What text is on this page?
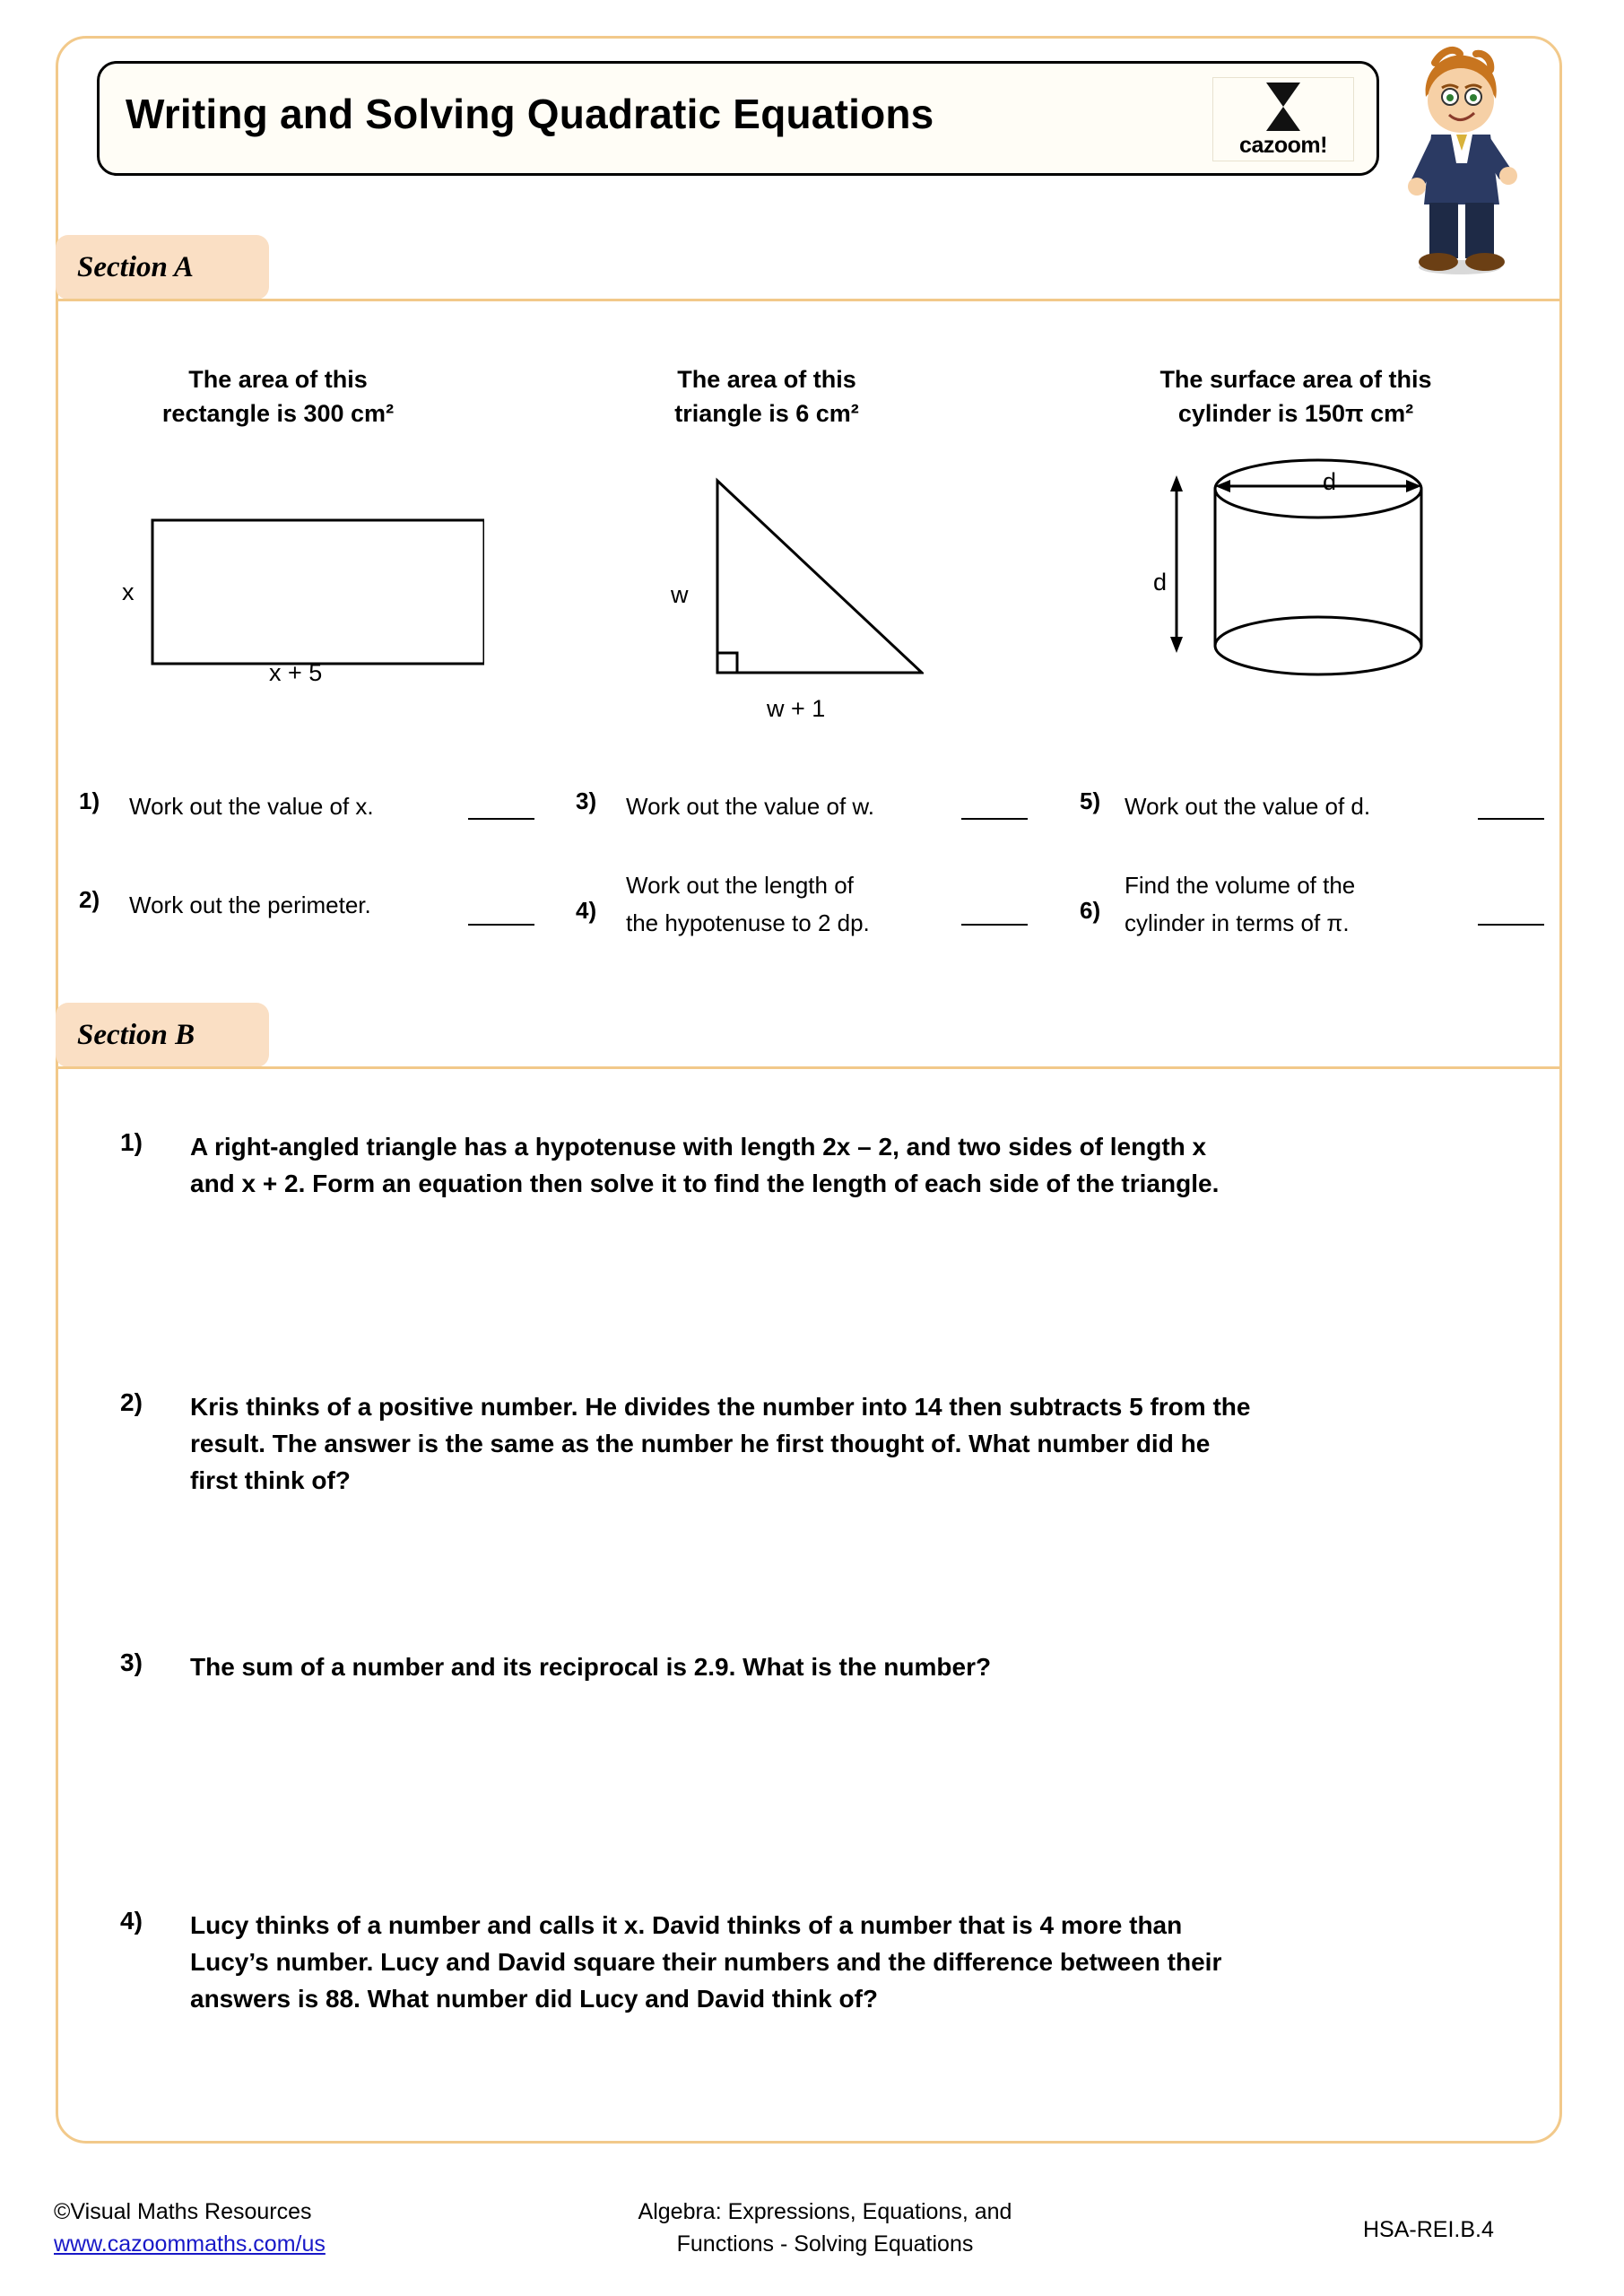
Writing and Solving Quadratic Equations
cazoom!
Section A
The area of this
rectangle is 300 cm²
The area of this
triangle is 6 cm²
The surface area of this
cylinder is 150π cm²
x
x + 5
w
w + 1
d
d
1) Work out the value of x.
2) Work out the perimeter.
3) Work out the value of w.
4)
Work out the length of
the hypotenuse to 2 dp.
5) Work out the value of d.
6)
Find the volume of the
cylinder in terms of π.
Section B
1) A right-angled triangle has a hypotenuse with length 2x – 2, and two sides of length x
and x + 2. Form an equation then solve it to find the length of each side of the triangle.
2) Kris thinks of a positive number. He divides the number into 14 then subtracts 5 from the
result. The answer is the same as the number he first thought of. What number did he
first think of?
3) The sum of a number and its reciprocal is 2.9. What is the number?
4) Lucy thinks of a number and calls it x. David thinks of a number that is 4 more than
Lucy’s number. Lucy and David square their numbers and the difference between their
answers is 88. What number did Lucy and David think of?
©Visual Maths Resources
www.cazoommaths.com/us
Algebra: Expressions, Equations, and
Functions - Solving Equations
HSA-REI.B.4
